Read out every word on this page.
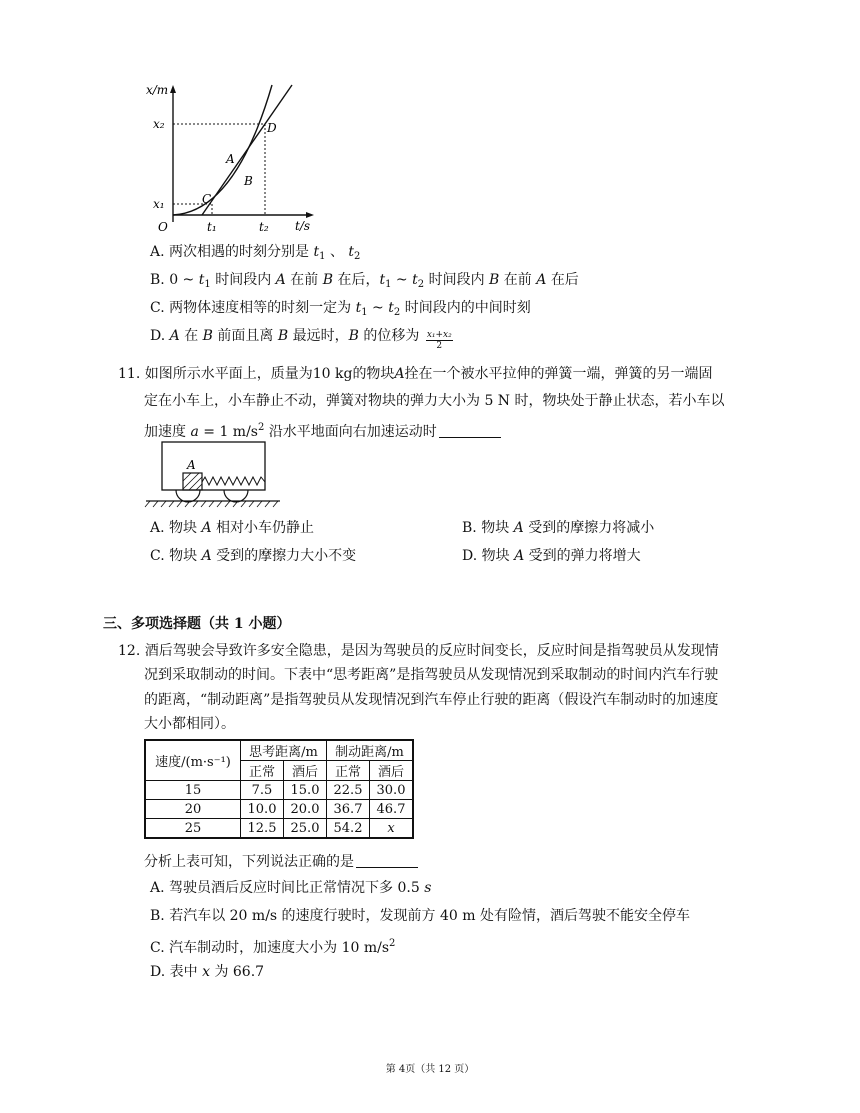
x/m
t/s
O
x₂
x₁
t₁	t₂
C
D
A
B
A. 两次相遇的时刻分别是 $t_1$ 、 $t_2$
B. 0 ~ $t_1$ 时间段内 A 在前 B 在后，$t_1$ ~ $t_2$ 时间段内 B 在前 A 在后
C. 两物体速度相等的时刻一定为 $t_1$ ~ $t_2$ 时间段内的中间时刻
D. A 在 B 前面且离 B 最远时，B 的位移为 $\frac{\text{x₁+x₂}}{2}$
11. 如图所示水平面上，质量为10 kg的物块A拴在一个被水平拉伸的弹簧一端，弹簧的另一端固
定在小车上，小车静止不动，弹簧对物块的弹力大小为 5 N 时，物块处于静止状态，若小车以
加速度 a = 1 $m/s^2$ 沿水平地面向右加速运动时
A
A. 物块 A 相对小车仍静止	B. 物块 A 受到的摩擦力将减小
C. 物块 A 受到的摩擦力大小不变	D. 物块 A 受到的弹力将增大
三、多项选择题（共 1 小题）
12. 酒后驾驶会导致许多安全隐患，是因为驾驶员的反应时间变长，反应时间是指驾驶员从发现情
况到采取制动的时间。下表中“思考距离”是指驾驶员从发现情况到采取制动的时间内汽车行驶
的距离，“制动距离”是指驾驶员从发现情况到汽车停止行驶的距离（假设汽车制动时的加速度
大小都相同）。
速度/(m·s⁻¹)	思考距离/m		制动距离/m	
	正常	酒后	正常	酒后
15	7.5	15.0	22.5	30.0
20	10.0	20.0	36.7	46.7
25	12.5	25.0	54.2	x
分析上表可知，下列说法正确的是
A. 驾驶员酒后反应时间比正常情况下多 0.5 s
B. 若汽车以 20 m/s 的速度行驶时，发现前方 40 m 处有险情，酒后驾驶不能安全停车
C. 汽车制动时，加速度大小为 10 $m/s^2$
D. 表中 x 为 66.7
第 4页（共 12 页）
